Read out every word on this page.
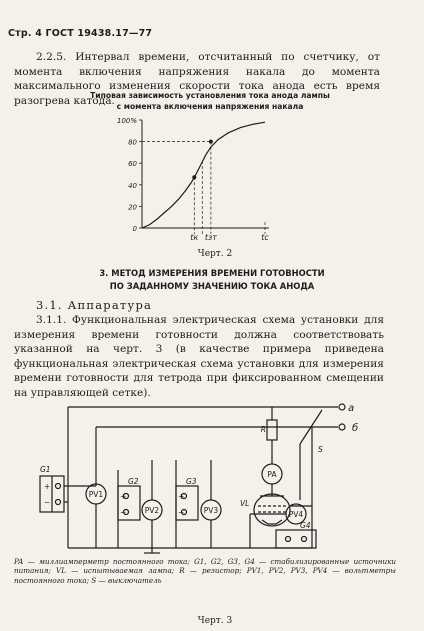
Стр. 4 ГОСТ 19438.17—77
2.2.5. Интервал времени, отсчитанный по счетчику, от момента включения напряжения накала до момента максимального изменения скорости тока анода есть время разогрева катода.
Типовая зависимость установления тока анода лампы
с момента включения напряжения накала
100%
80
60
40
20
0
tк tзт	tс
Черт. 2
3. МЕТОД ИЗМЕРЕНИЯ ВРЕМЕНИ ГОТОВНОСТИ
ПО ЗАДАННОМУ ЗНАЧЕНИЮ ТОКА АНОДА
3.1. Аппаратура
3.1.1. Функциональная электрическая схема установки для измерения времени готовности должна соответствовать указанной на черт. 3 (в качестве примера приведена функциональная электрическая схема установки для измерения времени готовности для тетрода при фиксированном смещении на управляющей сетке).
а
б
R
PA
VL
S
G1
G2	G3
G4
PV1
PV2	PV3	PV4
+
−
+
−
+
−
PA — миллиамперметр постоянного тока; G1, G2, G3, G4 — стабилизированные источники питания; VL — испытываемая лампа; R — резистор; PV1, PV2, PV3, PV4 — вольтметры постоянного тока; S — выключатель
Черт. 3
